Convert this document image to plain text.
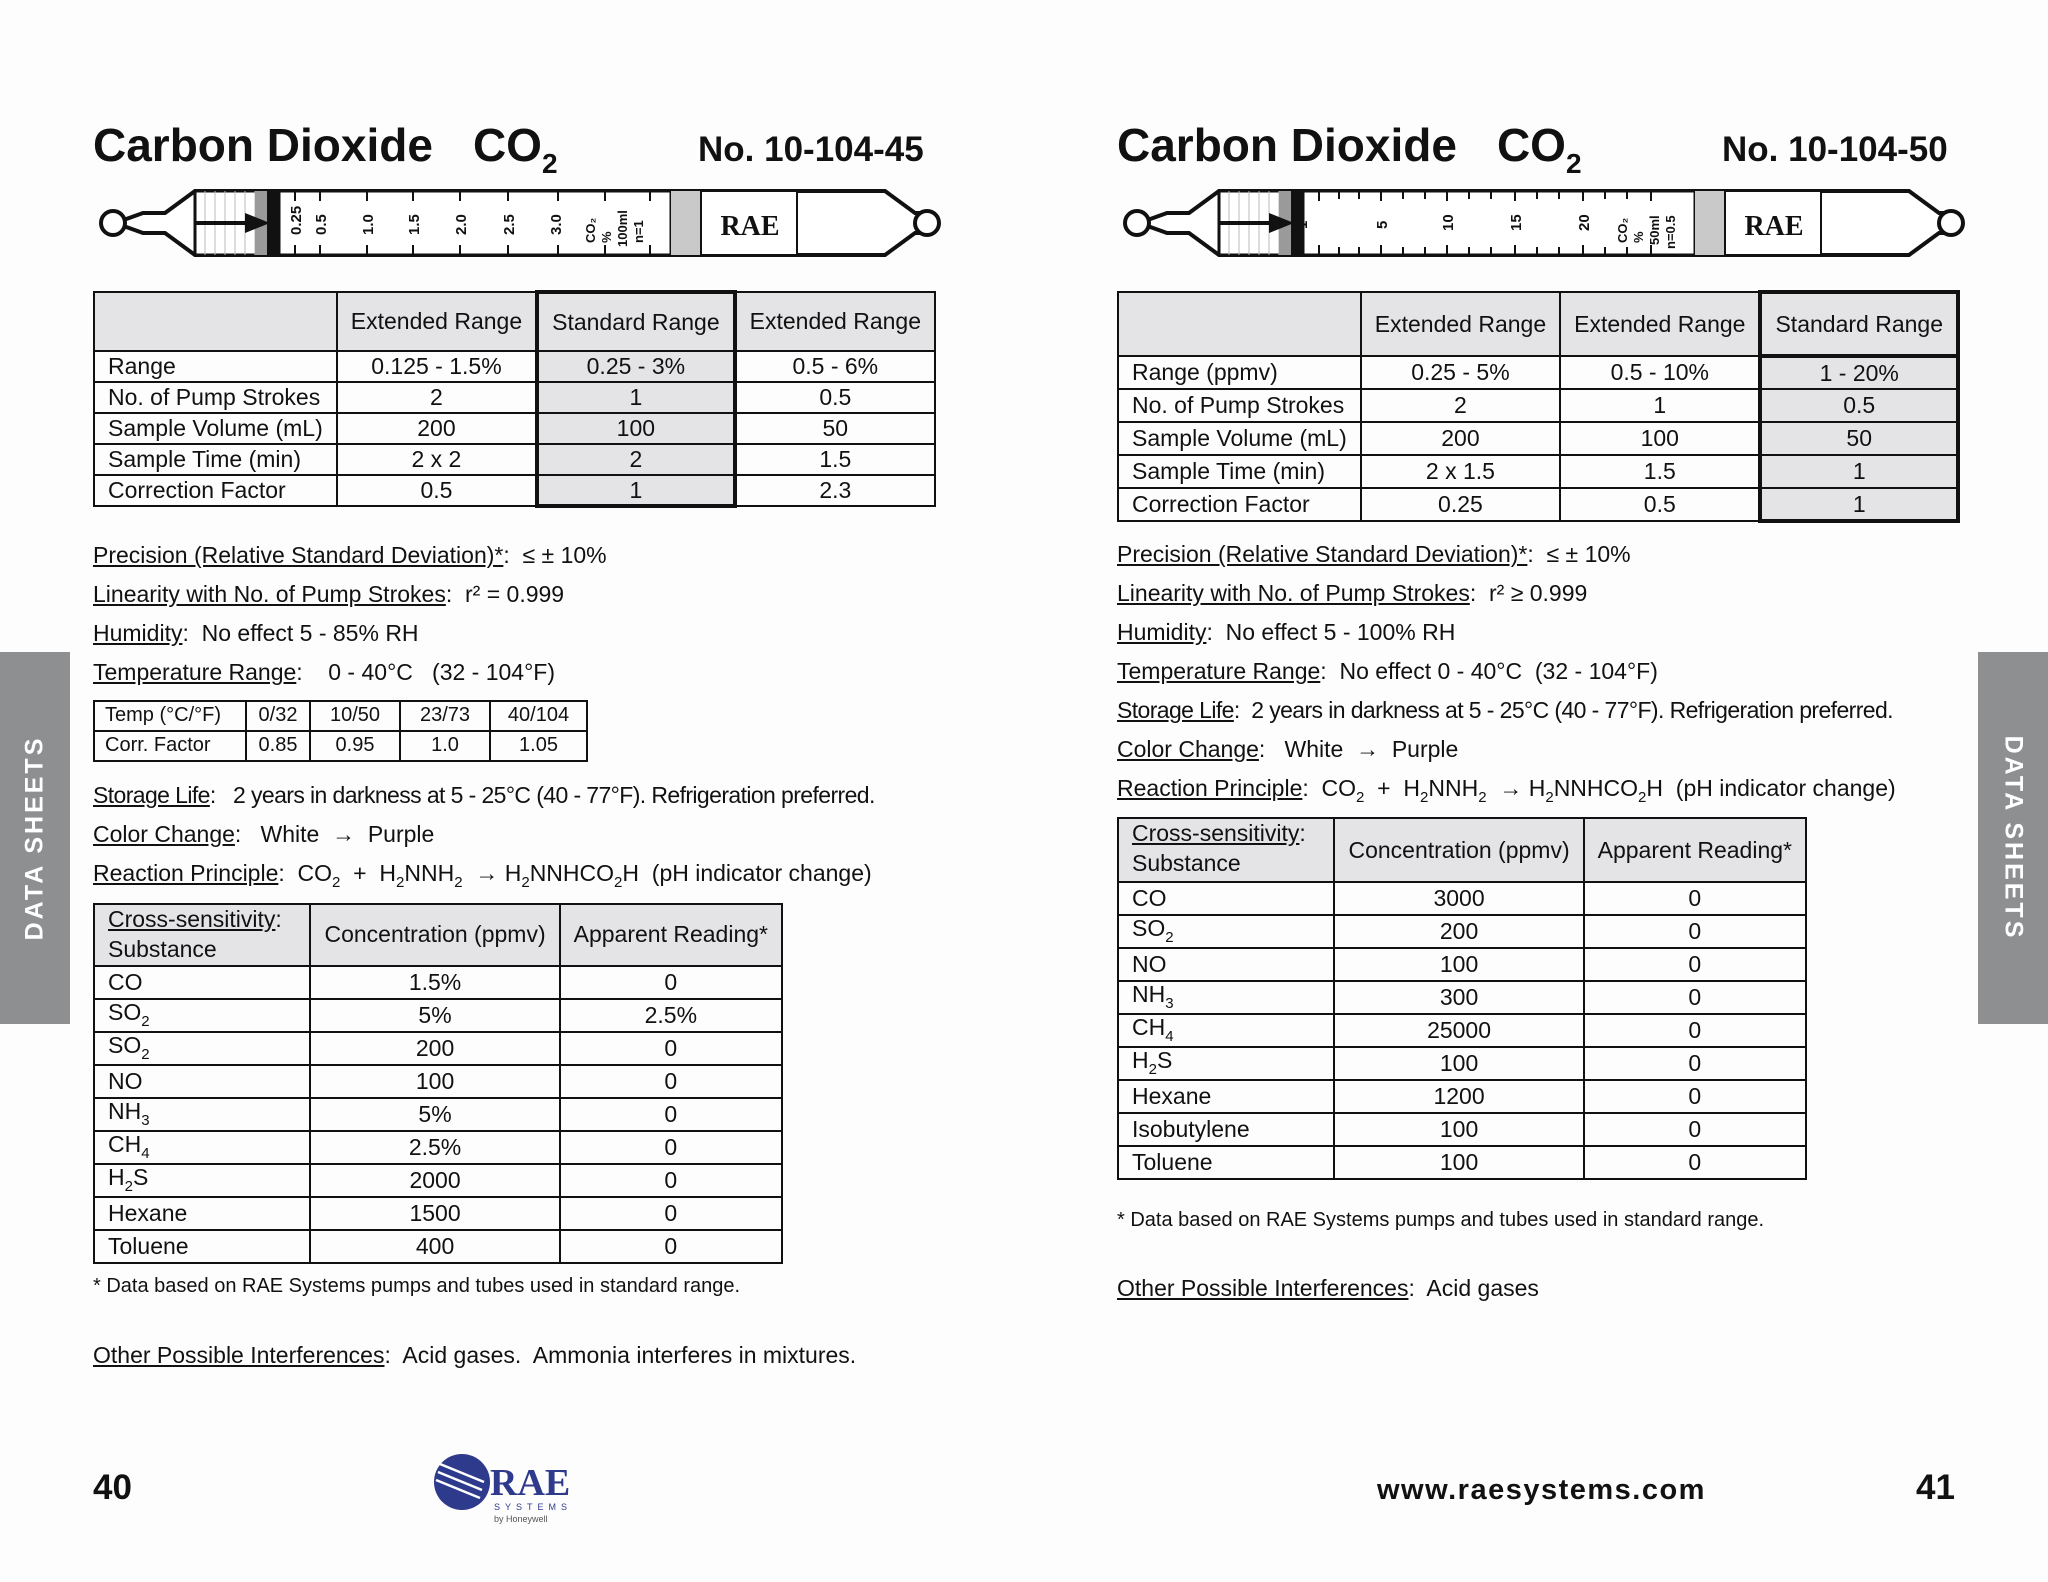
Carbon Dioxide $CO_2$	No. 10-104-45
0.25 0.5 1.0 1.5 2.0 2.5 3.0 CO₂ % 100ml n=1	RAE
	Extended Range	Standard Range	Extended Range
Range	0.125 - 1.5%	0.25 - 3%	0.5 - 6%
No. of Pump Strokes	2	1	0.5
Sample Volume (mL)	200	100	50
Sample Time (min)	2 x 2	2	1.5
Correction Factor	0.5	1	2.3
Precision (Relative Standard Deviation)*:  ≤ ± 10%
Linearity with No. of Pump Strokes:  r² = 0.999
Humidity:  No effect 5 - 85% RH
Temperature Range:    0 - 40°C   (32 - 104°F)
Temp (°C/°F)	0/32	10/50	23/73	40/104
Corr. Factor	0.85	0.95	1.0	1.05
Storage Life:   2 years in darkness at 5 - 25°C (40 - 77°F). Refrigeration preferred.
Color Change:   White → Purple
Reaction Principle:  $CO_2 + H_2NNH_2$ → $H_2NNHCO_2H$ (pH indicator change)
Cross-sensitivity:
Substance	Concentration (ppmv)	Apparent Reading*
CO	1.5%	0
$SO_2$	5%	2.5%
$SO_2$	200	0
NO	100	0
$NH_3$	5%	0
$CH_4$	2.5%	0
$H_2S$	2000	0
Hexane	1500	0
Toluene	400	0
* Data based on RAE Systems pumps and tubes used in standard range.
Other Possible Interferences:  Acid gases.  Ammonia interferes in mixtures.
40	RAE
SYSTEMS
by Honeywell
Carbon Dioxide $CO_2$	No. 10-104-50
1	5	10	15	20 CO₂ % 50ml n=0.5 RAE
	Extended Range	Extended Range	Standard Range
Range (ppmv)	0.25 - 5%	0.5 - 10%	1 - 20%
No. of Pump Strokes	2	1	0.5
Sample Volume (mL)	200	100	50
Sample Time (min)	2 x 1.5	1.5	1
Correction Factor	0.25	0.5	1
Precision (Relative Standard Deviation)*:  ≤ ± 10%
Linearity with No. of Pump Strokes:  r² ≥ 0.999
Humidity:  No effect 5 - 100% RH
Temperature Range:  No effect 0 - 40°C  (32 - 104°F)
Storage Life:  2 years in darkness at 5 - 25°C (40 - 77°F). Refrigeration preferred.
Color Change:   White → Purple
Reaction Principle:  $CO_2 + H_2NNH_2$ → $H_2NNHCO_2H$ (pH indicator change)
Cross-sensitivity:
Substance	Concentration (ppmv)	Apparent Reading*
CO	3000	0
$SO_2$	200	0
NO	100	0
$NH_3$	300	0
$CH_4$	25000	0
$H_2S$	100	0
Hexane	1200	0
Isobutylene	100	0
Toluene	100	0
* Data based on RAE Systems pumps and tubes used in standard range.
Other Possible Interferences:  Acid gases
www.raesystems.com	41
DATA SHEETS	DATA SHEETS
